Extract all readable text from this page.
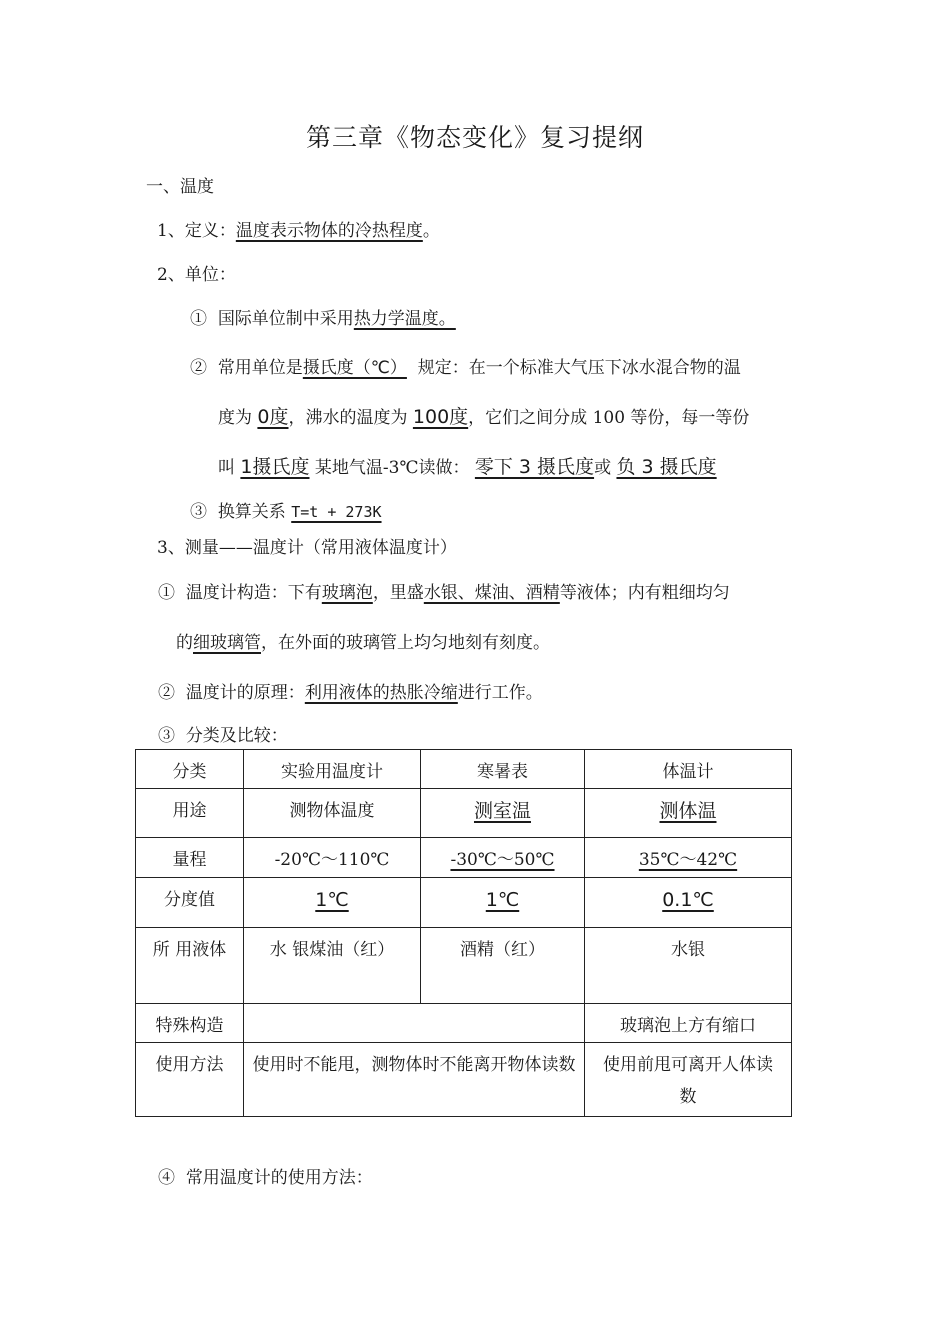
第三章《物态变化》复习提纲
一、温度
1、定义：温度表示物体的冷热程度。
2、单位：
① 国际单位制中采用热力学温度。
② 常用单位是摄氏度（℃） 规定：在一个标准大气压下冰水混合物的温
度为 0度，沸水的温度为 100度，它们之间分成 100 等份，每一等份
叫 1摄氏度 某地气温-3℃读做： 零下 3 摄氏度或 负 3 摄氏度
③ 换算关系 T=t + 273K
3、测量——温度计（常用液体温度计）
① 温度计构造：下有玻璃泡，里盛水银、煤油、酒精等液体；内有粗细均匀
的细玻璃管，在外面的玻璃管上均匀地刻有刻度。
② 温度计的原理：利用液体的热胀冷缩进行工作。
③ 分类及比较：
分类	实验用温度计	寒暑表	体温计
用途	测物体温度	测室温	测体温
量程	-20℃～110℃	-30℃～50℃	35℃～42℃
分度值	1℃	1℃	0.1℃
所 用液体	水 银煤油（红）	酒精（红）	水银
特殊构造			玻璃泡上方有缩口
使用方法	使用时不能甩，测物体时不能离开物体读数		使用前甩可离开人体读数
④ 常用温度计的使用方法：
